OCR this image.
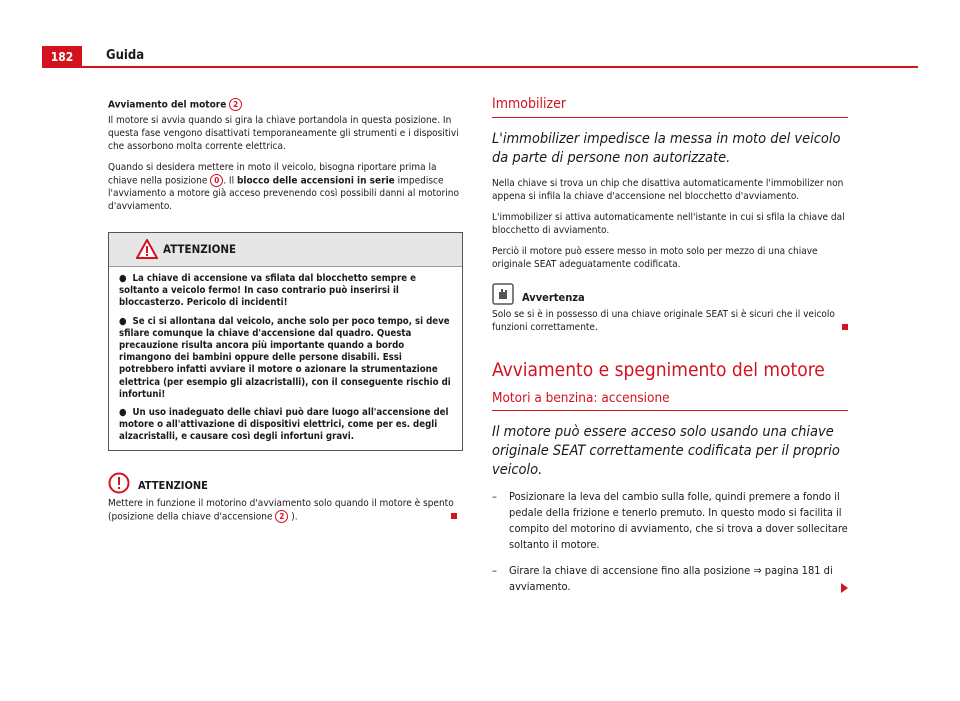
182	Guida

Avviamento del motore 2

Il motore si avvia quando si gira la chiave portandola in questa posizione. In questa fase vengono disattivati temporaneamente gli strumenti e i dispositivi che assorbono molta corrente elettrica.

Quando si desidera mettere in moto il veicolo, bisogna riportare prima la chiave nella posizione 0 . Il blocco delle accensioni in serie impedisce l'avviamento a motore già acceso prevenendo così possibili danni al motorino d'avviamento.

ATTENZIONE
●  La chiave di accensione va sfilata dal blocchetto sempre e soltanto a veicolo fermo! In caso contrario può inserirsi il bloccasterzo. Pericolo di incidenti!
●  Se ci si allontana dal veicolo, anche solo per poco tempo, si deve sfilare comunque la chiave d'accensione dal quadro. Questa precauzione risulta ancora più importante quando a bordo rimangono dei bambini oppure delle persone disabili. Essi potrebbero infatti avviare il motore o azionare la strumentazione elettrica (per esempio gli alzacristalli), con il conseguente rischio di infortuni!
●  Un uso inadeguato delle chiavi può dare luogo all'accensione del motore o all'attivazione di dispositivi elettrici, come per es. degli alzacristalli, e causare così degli infortuni gravi.
ATTENZIONE

Mettere in funzione il motorino d'avviamento solo quando il motore è spento (posizione della chiave d'accensione 2 ).

Immobilizer
L'immobilizer impedisce la messa in moto del veicolo da parte di persone non autorizzate.

Nella chiave si trova un chip che disattiva automaticamente l'immobilizer non appena si infila la chiave d'accensione nel blocchetto d'avviamento.

L'immobilizer si attiva automaticamente nell'istante in cui si sfila la chiave dal blocchetto di avviamento.

Perciò il motore può essere messo in moto solo per mezzo di una chiave originale SEAT adeguatamente codificata.

Avvertenza

Solo se si è in possesso di una chiave originale SEAT si è sicuri che il veicolo funzioni correttamente.

Avviamento e spegnimento del motore
Motori a benzina: accensione
Il motore può essere acceso solo usando una chiave originale SEAT correttamente codificata per il proprio veicolo.
– Posizionare la leva del cambio sulla folle, quindi premere a fondo il pedale della frizione e tenerlo premuto. In questo modo si facilita il compito del motorino di avviamento, che si trova a dover sollecitare soltanto il motore.
– Girare la chiave di accensione fino alla posizione ⇒ pagina 181 di avviamento.
